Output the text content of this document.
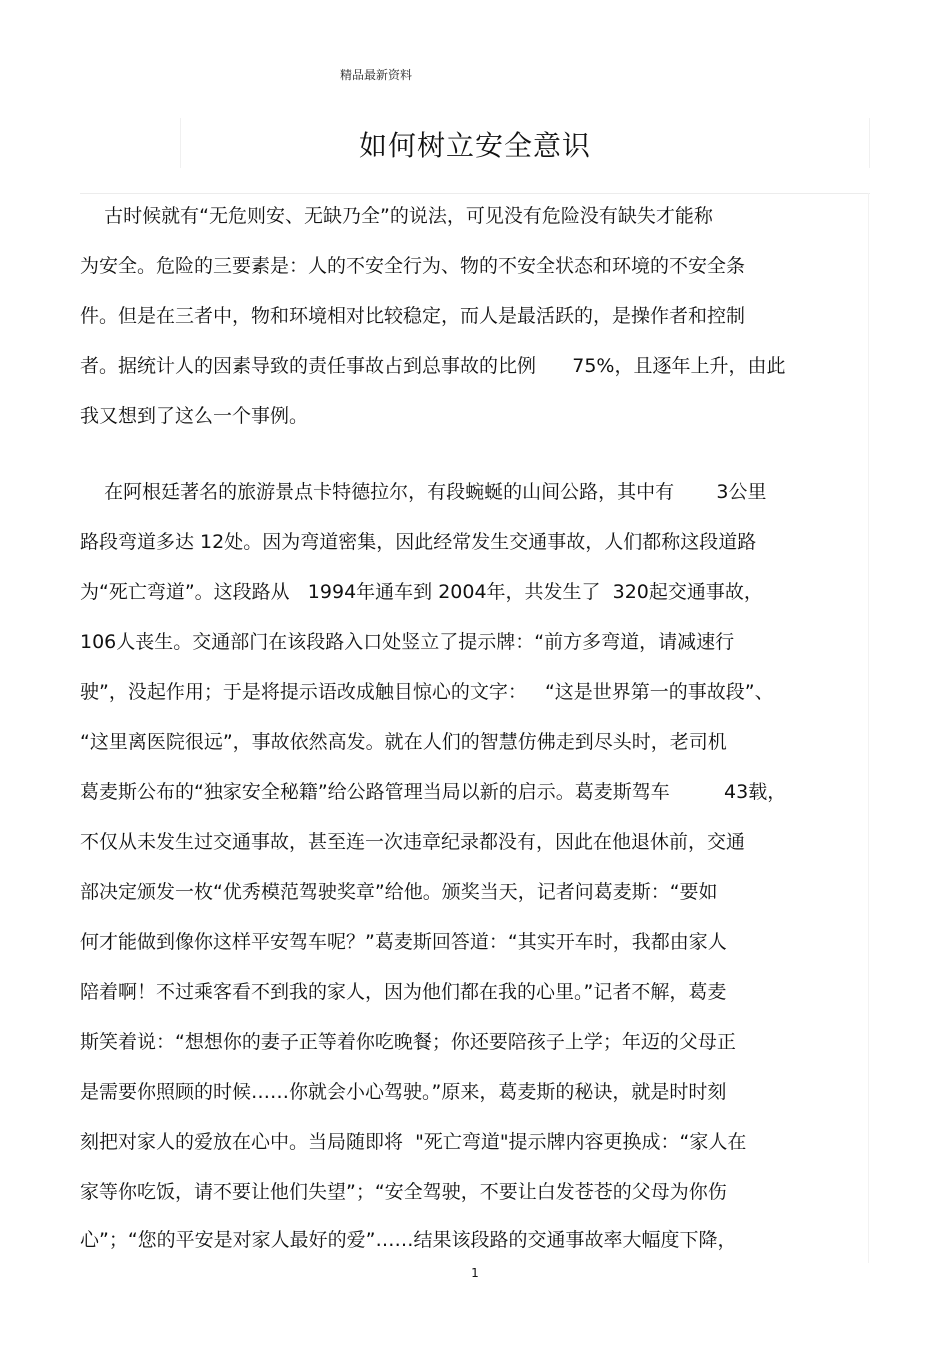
精品最新资料
如何树立安全意识
古时候就有“无危则安、无缺乃全”的说法，可见没有危险没有缺失才能称
为安全。危险的三要素是：人的不安全行为、物的不安全状态和环境的不安全条
件。但是在三者中，物和环境相对比较稳定，而人是最活跃的，是操作者和控制
者。据统计人的因素导致的责任事故占到总事故的比例      75%，且逐年上升，由此
我又想到了这么一个事例。
在阿根廷著名的旅游景点卡特德拉尔，有段蜿蜒的山间公路，其中有       3公里
路段弯道多达 12处。因为弯道密集，因此经常发生交通事故，人们都称这段道路
为“死亡弯道”。这段路从   1994年通车到 2004年，共发生了  320起交通事故，
106人丧生。交通部门在该段路入口处竖立了提示牌：“前方多弯道，请减速行
驶”，没起作用；于是将提示语改成触目惊心的文字：   “这是世界第一的事故段”、
“这里离医院很远”，事故依然高发。就在人们的智慧仿佛走到尽头时，老司机
葛麦斯公布的“独家安全秘籍”给公路管理当局以新的启示。葛麦斯驾车         43载，
不仅从未发生过交通事故，甚至连一次违章纪录都没有，因此在他退休前，交通
部决定颁发一枚“优秀模范驾驶奖章”给他。颁奖当天，记者问葛麦斯：“要如
何才能做到像你这样平安驾车呢？”葛麦斯回答道：“其实开车时，我都由家人
陪着啊！不过乘客看不到我的家人，因为他们都在我的心里。”记者不解，葛麦
斯笑着说：“想想你的妻子正等着你吃晚餐；你还要陪孩子上学；年迈的父母正
是需要你照顾的时候……你就会小心驾驶。”原来，葛麦斯的秘诀，就是时时刻
刻把对家人的爱放在心中。当局随即将  "死亡弯道"提示牌内容更换成：“家人在
家等你吃饭，请不要让他们失望”；“安全驾驶，不要让白发苍苍的父母为你伤
心”；“您的平安是对家人最好的爱”……结果该段路的交通事故率大幅度下降，
1
